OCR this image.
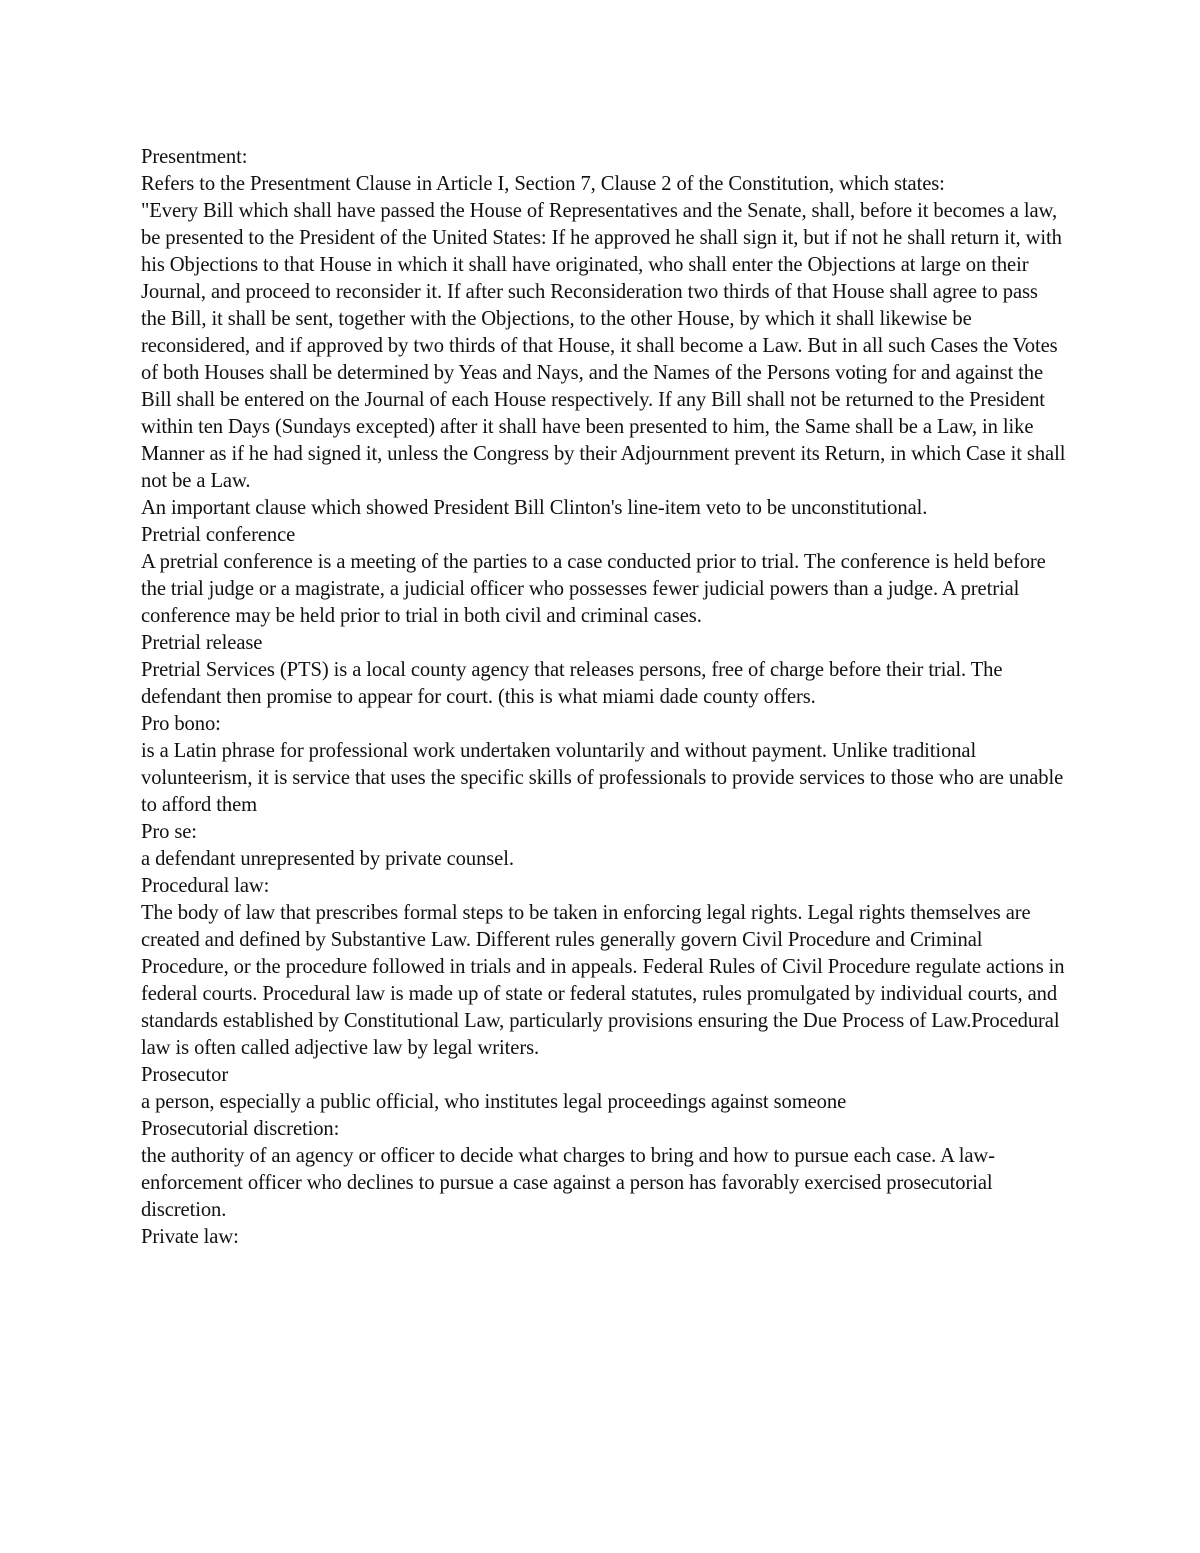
Presentment:

Refers to the Presentment Clause in Article I, Section 7, Clause 2 of the Constitution, which states:

"Every Bill which shall have passed the House of Representatives and the Senate, shall, before it becomes a law, be presented to the President of the United States: If he approved he shall sign it, but if not he shall return it, with his Objections to that House in which it shall have originated, who shall enter the Objections at large on their Journal, and proceed to reconsider it. If after such Reconsideration two thirds of that House shall agree to pass the Bill, it shall be sent, together with the Objections, to the other House, by which it shall likewise be reconsidered, and if approved by two thirds of that House, it shall become a Law. But in all such Cases the Votes of both Houses shall be determined by Yeas and Nays, and the Names of the Persons voting for and against the Bill shall be entered on the Journal of each House respectively. If any Bill shall not be returned to the President within ten Days (Sundays excepted) after it shall have been presented to him, the Same shall be a Law, in like Manner as if he had signed it, unless the Congress by their Adjournment prevent its Return, in which Case it shall not be a Law.

An important clause which showed President Bill Clinton's line-item veto to be unconstitutional.

Pretrial conference

A pretrial conference is a meeting of the parties to a case conducted prior to trial. The conference is held before the trial judge or a magistrate, a judicial officer who possesses fewer judicial powers than a judge. A pretrial conference may be held prior to trial in both civil and criminal cases.

Pretrial release

Pretrial Services (PTS) is a local county agency that releases persons, free of charge before their trial. The defendant then promise to appear for court. (this is what miami dade county offers.

Pro bono:

is a Latin phrase for professional work undertaken voluntarily and without payment. Unlike traditional volunteerism, it is service that uses the specific skills of professionals to provide services to those who are unable to afford them

Pro se:

a defendant unrepresented by private counsel.

Procedural law:

The body of law that prescribes formal steps to be taken in enforcing legal rights. Legal rights themselves are created and defined by Substantive Law. Different rules generally govern Civil Procedure and Criminal Procedure, or the procedure followed in trials and in appeals. Federal Rules of Civil Procedure regulate actions in federal courts. Procedural law is made up of state or federal statutes, rules promulgated by individual courts, and standards established by Constitutional Law, particularly provisions ensuring the Due Process of Law.Procedural law is often called adjective law by legal writers.

Prosecutor

a person, especially a public official, who institutes legal proceedings against someone

Prosecutorial discretion:

the authority of an agency or officer to decide what charges to bring and how to pursue each case. A law-enforcement officer who declines to pursue a case against a person has favorably exercised prosecutorial discretion.

Private law:
